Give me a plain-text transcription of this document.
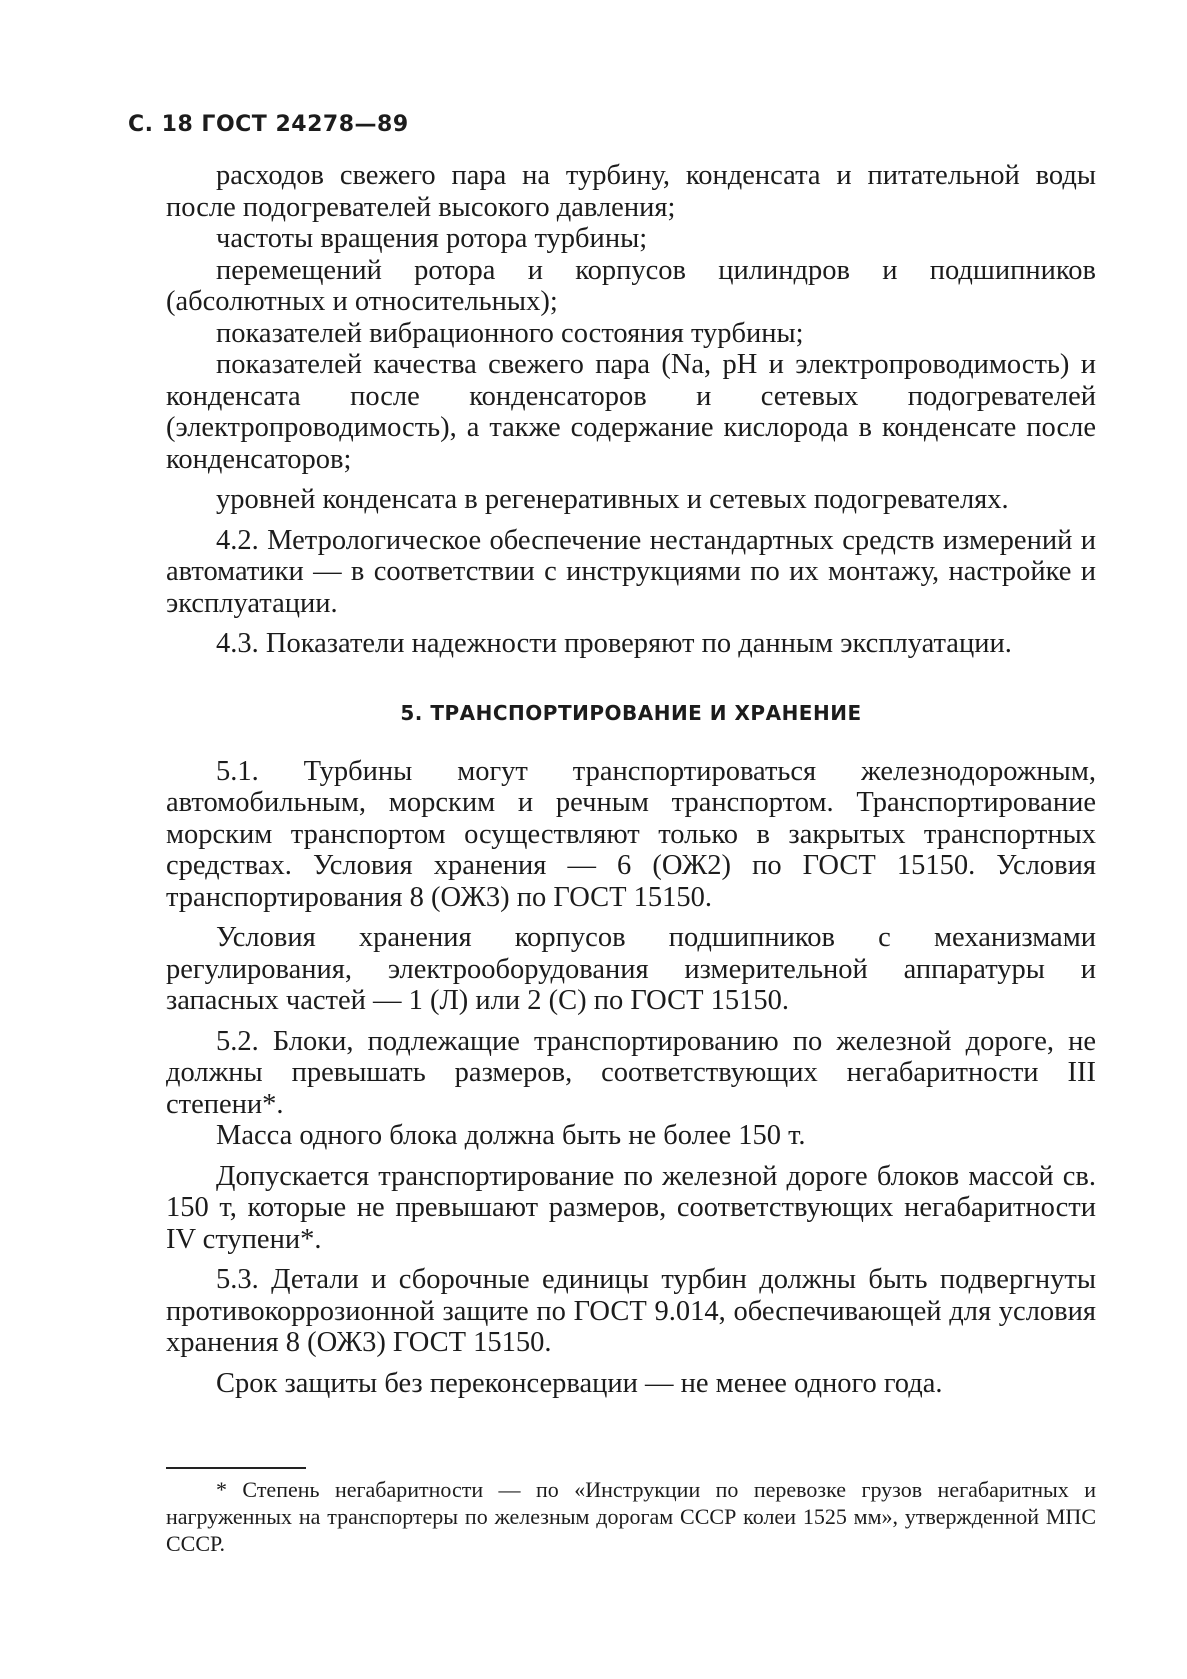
С. 18 ГОСТ 24278—89

расходов свежего пара на турбину, конденсата и питательной воды после подогревателей высокого давления;

частоты вращения ротора турбины;

перемещений ротора и корпусов цилиндров и подшипников (абсолютных и относительных);

показателей вибрационного состояния турбины;

показателей качества свежего пара (Na, pH и электропроводимость) и конденсата после конденсаторов и сетевых подогревателей (электропроводимость), а также содержание кислорода в конденсате после конденсаторов;

уровней конденсата в регенеративных и сетевых подогревателях.

4.2. Метрологическое обеспечение нестандартных средств измерений и автоматики — в соответствии с инструкциями по их монтажу, настройке и эксплуатации.

4.3. Показатели надежности проверяют по данным эксплуатации.

5. ТРАНСПОРТИРОВАНИЕ И ХРАНЕНИЕ

5.1. Турбины могут транспортироваться железнодорожным, автомобильным, морским и речным транспортом. Транспортирование морским транспортом осуществляют только в закрытых транспортных средствах. Условия хранения — 6 (ОЖ2) по ГОСТ 15150. Условия транспортирования 8 (ОЖ3) по ГОСТ 15150.

Условия хранения корпусов подшипников с механизмами регулирования, электрооборудования измерительной аппаратуры и запасных частей — 1 (Л) или 2 (С) по ГОСТ 15150.

5.2. Блоки, подлежащие транспортированию по железной дороге, не должны превышать размеров, соответствующих негабаритности III степени*.

Масса одного блока должна быть не более 150 т.

Допускается транспортирование по железной дороге блоков массой св. 150 т, которые не превышают размеров, соответствующих негабаритности IV ступени*.

5.3. Детали и сборочные единицы турбин должны быть подвергнуты противокоррозионной защите по ГОСТ 9.014, обеспечивающей для условия хранения 8 (ОЖ3) ГОСТ 15150.

Срок защиты без переконсервации — не менее одного года.

* Степень негабаритности — по «Инструкции по перевозке грузов негабаритных и нагруженных на транспортеры по железным дорогам СССР колеи 1525 мм», утвержденной МПС СССР.
